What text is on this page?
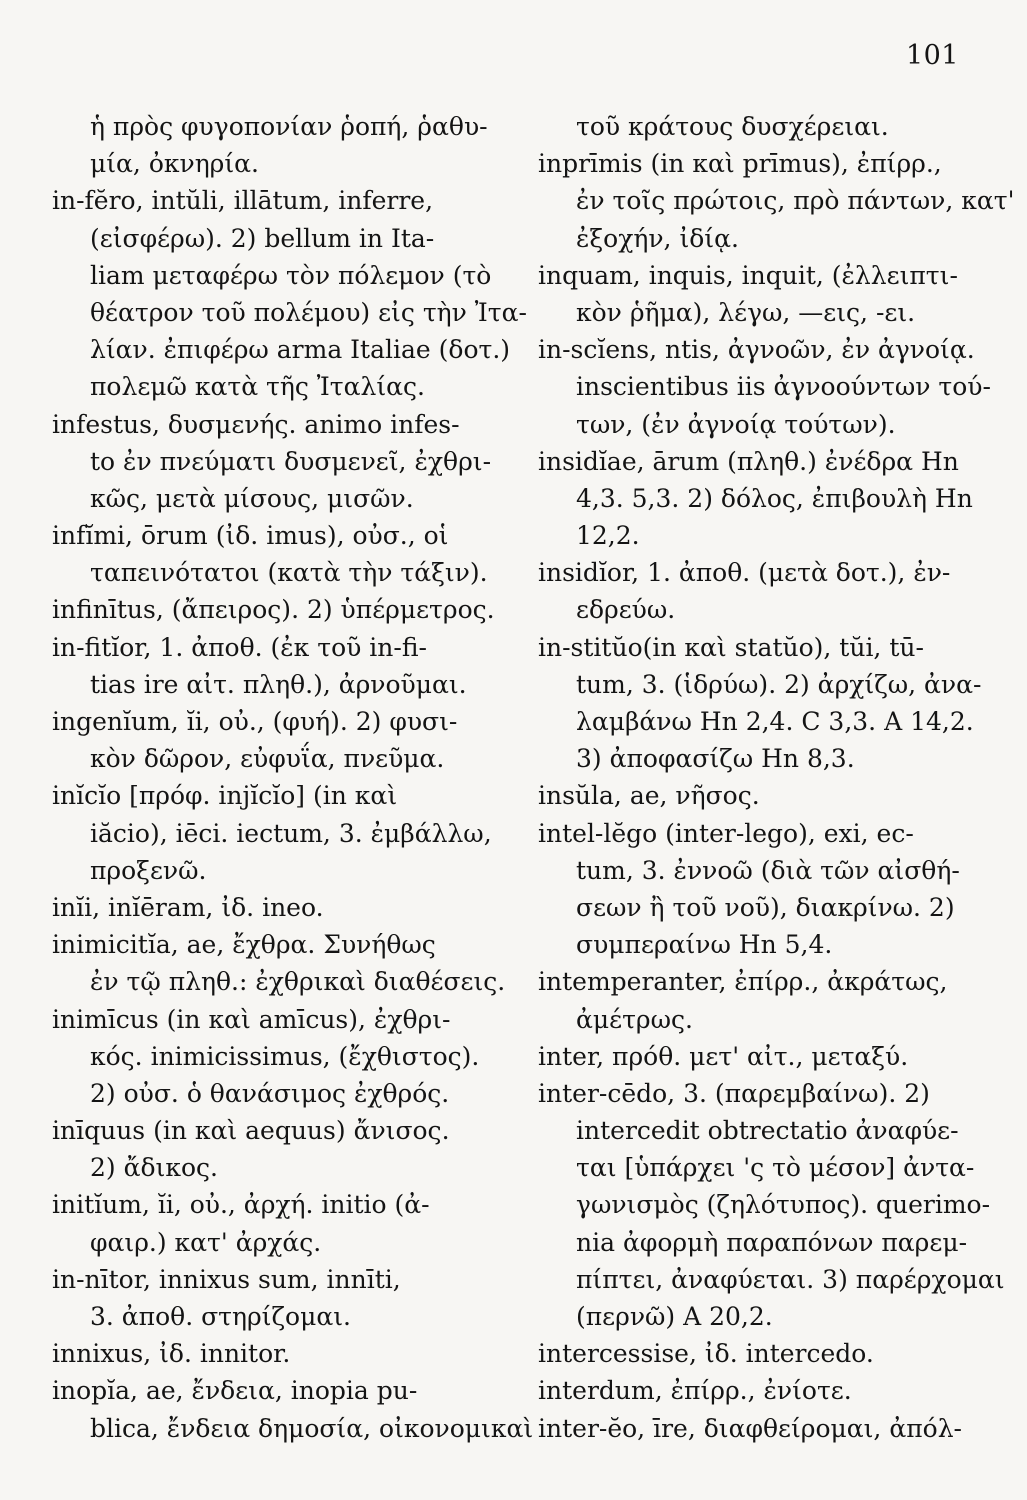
101
ἡ πρὸς φυγοπονίαν ῥοπή, ῥαθυ-
μία, ὀκνηρία.
in-fĕro, intŭli, illātum, inferre,
(εἰσφέρω). 2) bellum in Ita-
liam μεταφέρω τὸν πόλεμον (τὸ
θέατρον τοῦ πολέμου) εἰς τὴν Ἰτα-
λίαν. ἐπιφέρω arma Italiae (δοτ.)
πολεμῶ κατὰ τῆς Ἰταλίας.
infestus, δυσμενής. animo infes-
to ἐν πνεύματι δυσμενεῖ, ἐχθρι-
κῶς, μετὰ μίσους, μισῶν.
infĭmi, ōrum (ἰδ. imus), οὐσ., οἱ
ταπεινότατοι (κατὰ τὴν τάξιν).
infinītus, (ἄπειρος). 2) ὑπέρμετρος.
in-fitĭor, 1. ἀποθ. (ἐκ τοῦ in-fi-
tias ire αἰτ. πληθ.), ἀρνοῦμαι.
ingenĭum, ĭi, οὐ., (φυή). 2) φυσι-
κὸν δῶρον, εὐφυΐα, πνεῦμα.
inĭcĭo [πρόφ. injĭcĭo] (in καὶ
iăcio), iēci. iectum, 3. ἐμβάλλω,
προξενῶ.
inĭi, inĭēram, ἰδ. ineo.
inimicitĭa, ae, ἔχθρα. Συνήθως
ἐν τῷ πληθ.: ἐχθρικαὶ διαθέσεις.
inimīcus (in καὶ amīcus), ἐχθρι-
κός. inimicissimus, (ἔχθιστος).
2) οὐσ. ὁ θανάσιμος ἐχθρός.
inīquus (in καὶ aequus) ἄνισος.
2) ἄδικος.
initĭum, ĭi, οὐ., ἀρχή. initio (ἀ-
φαιρ.) κατ' ἀρχάς.
in-nītor, innixus sum, innīti,
3. ἀποθ. στηρίζομαι.
innixus, ἰδ. innitor.
inopĭa, ae, ἔνδεια, inopia pu-
blica, ἔνδεια δημοσία, οἰκονομικαὶ
τοῦ κράτους δυσχέρειαι.
inprīmis (in καὶ prīmus), ἐπίρρ.,
ἐν τοῖς πρώτοις, πρὸ πάντων, κατ'
ἐξοχήν, ἰδίᾳ.
inquam, inquis, inquit, (ἐλλειπτι-
κὸν ῥῆμα), λέγω, —εις, -ει.
in-scĭens, ntis, ἀγνοῶν, ἐν ἀγνοίᾳ.
inscientibus iis ἀγνοούντων τού-
των, (ἐν ἀγνοίᾳ τούτων).
insidĭae, ārum (πληθ.) ἐνέδρα Hn
4,3. 5,3. 2) δόλος, ἐπιβουλὴ Hn
12,2.
insidĭor, 1. ἀποθ. (μετὰ δοτ.), ἐν-
εδρεύω.
in-stitŭo(in καὶ statŭo), tŭi, tū-
tum, 3. (ἱδρύω). 2) ἀρχίζω, ἀνα-
λαμβάνω Hn 2,4. C 3,3. A 14,2.
3) ἀποφασίζω Hn 8,3.
insŭla, ae, νῆσος.
intel-lĕgo (inter-lego), exi, ec-
tum, 3. ἐννοῶ (διὰ τῶν αἰσθή-
σεων ἢ τοῦ νοῦ), διακρίνω. 2)
συμπεραίνω Hn 5,4.
intemperanter, ἐπίρρ., ἀκράτως,
ἀμέτρως.
inter, πρόθ. μετ' αἰτ., μεταξύ.
inter-cēdo, 3. (παρεμβαίνω). 2)
intercedit obtrectatio ἀναφύε-
ται [ὑπάρχει 'ς τὸ μέσον] ἀντα-
γωνισμὸς (ζηλότυπος). querimo-
nia ἀφορμὴ παραπόνων παρεμ-
πίπτει, ἀναφύεται. 3) παρέρχομαι
(περνῶ) A 20,2.
intercessise, ἰδ. intercedo.
interdum, ἐπίρρ., ἐνίοτε.
inter-ĕo, īre, διαφθείρομαι, ἀπόλ-
